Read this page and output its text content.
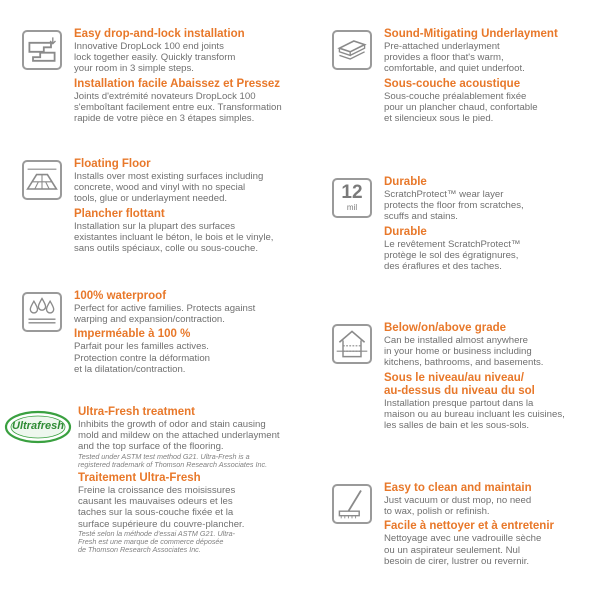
Easy drop-and-lock installation

Innovative DropLock 100 end joints

lock together easily. Quickly transform

your room in 3 simple steps.

Installation facile Abaissez et Pressez

Joints d'extrémité novateurs DropLock 100

s'emboîtant facilement entre eux. Transformation

rapide de votre pièce en 3 étapes simples.

Sound-Mitigating Underlayment

Pre-attached underlayment

provides a floor that's warm,

comfortable, and quiet underfoot.

Sous-couche acoustique

Sous-couche préalablement fixée

pour un plancher chaud, confortable

et silencieux sous le pied.

Floating Floor

Installs over most existing surfaces including

concrete, wood and vinyl with no special

tools, glue or underlayment needed.

Plancher flottant

Installation sur la plupart des surfaces

existantes incluant le béton, le bois et le vinyle,

sans outils spéciaux, colle ou sous-couche.

12
mil

Durable

ScratchProtect™ wear layer

protects the floor from scratches,

scuffs and stains.

Durable

Le revêtement ScratchProtect™

protège le sol des égratignures,

des éraflures et des taches.

100% waterproof

Perfect for active families. Protects against

warping and expansion/contraction.

Imperméable à 100 %

Parfait pour les familles actives.

Protection contre la déformation

et la dilatation/contraction.

Below/on/above grade

Can be installed almost anywhere

in your home or business including

kitchens, bathrooms, and basements.

Sous le niveau/au niveau/

au-dessus du niveau du sol

Installation presque partout dans la

maison ou au bureau incluant les cuisines,

les salles de bain et les sous-sols.

Ultrafresh

Ultra-Fresh treatment

Inhibits the growth of odor and stain causing

mold and mildew on the attached underlayment

and the top surface of the flooring.

Tested under ASTM test method G21. Ultra-Fresh is a

registered trademark of Thomson Research Associates Inc.

Traitement Ultra-Fresh

Freine la croissance des moisissures

causant les mauvaises odeurs et les

taches sur la sous-couche fixée et la

surface supérieure du couvre-plancher.

Testé selon la méthode d'essai ASTM G21. Ultra-

Fresh est une marque de commerce déposée

de Thomson Research Associates Inc.

Easy to clean and maintain

Just vacuum or dust mop, no need

to wax, polish or refinish.

Facile à nettoyer et à entretenir

Nettoyage avec une vadrouille sèche

ou un aspirateur seulement. Nul

besoin de cirer, lustrer ou revernir.
